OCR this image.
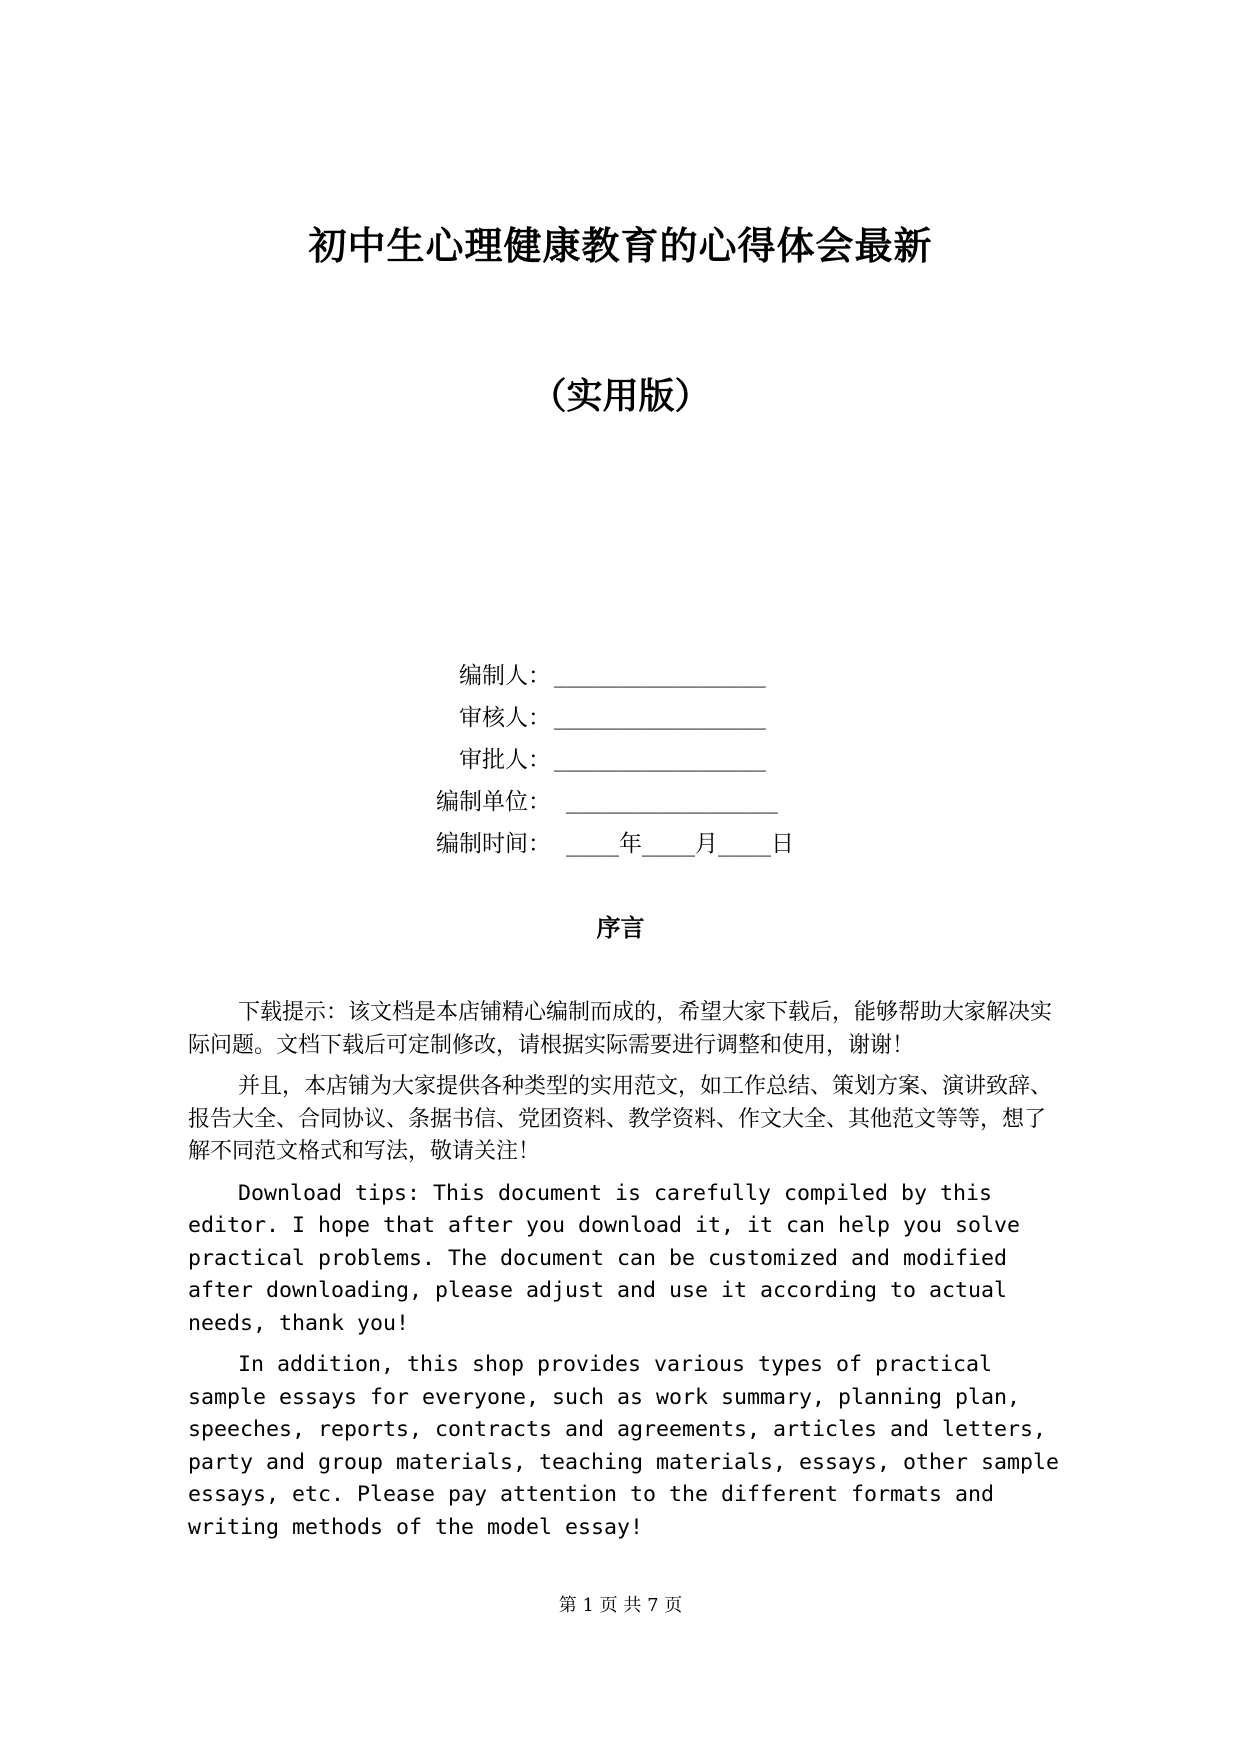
初中生心理健康教育的心得体会最新
（实用版）
编制人： ________________
审核人： ________________
审批人： ________________
编制单位： ________________
编制时间： ____年____月____日
序言

下载提示：该文档是本店铺精心编制而成的，希望大家下载后，能够帮助大家解决实际问题。文档下载后可定制修改，请根据实际需要进行调整和使用，谢谢！

并且，本店铺为大家提供各种类型的实用范文，如工作总结、策划方案、演讲致辞、报告大全、合同协议、条据书信、党团资料、教学资料、作文大全、其他范文等等，想了解不同范文格式和写法，敬请关注！

Download tips: This document is carefully compiled by this editor. I hope that after you download it, it can help you solve practical problems. The document can be customized and modified after downloading, please adjust and use it according to actual needs, thank you!

In addition, this shop provides various types of practical sample essays for everyone, such as work summary, planning plan, speeches, reports, contracts and agreements, articles and letters, party and group materials, teaching materials, essays, other sample essays, etc. Please pay attention to the different formats and writing methods of the model essay!

第 1 页 共 7 页
